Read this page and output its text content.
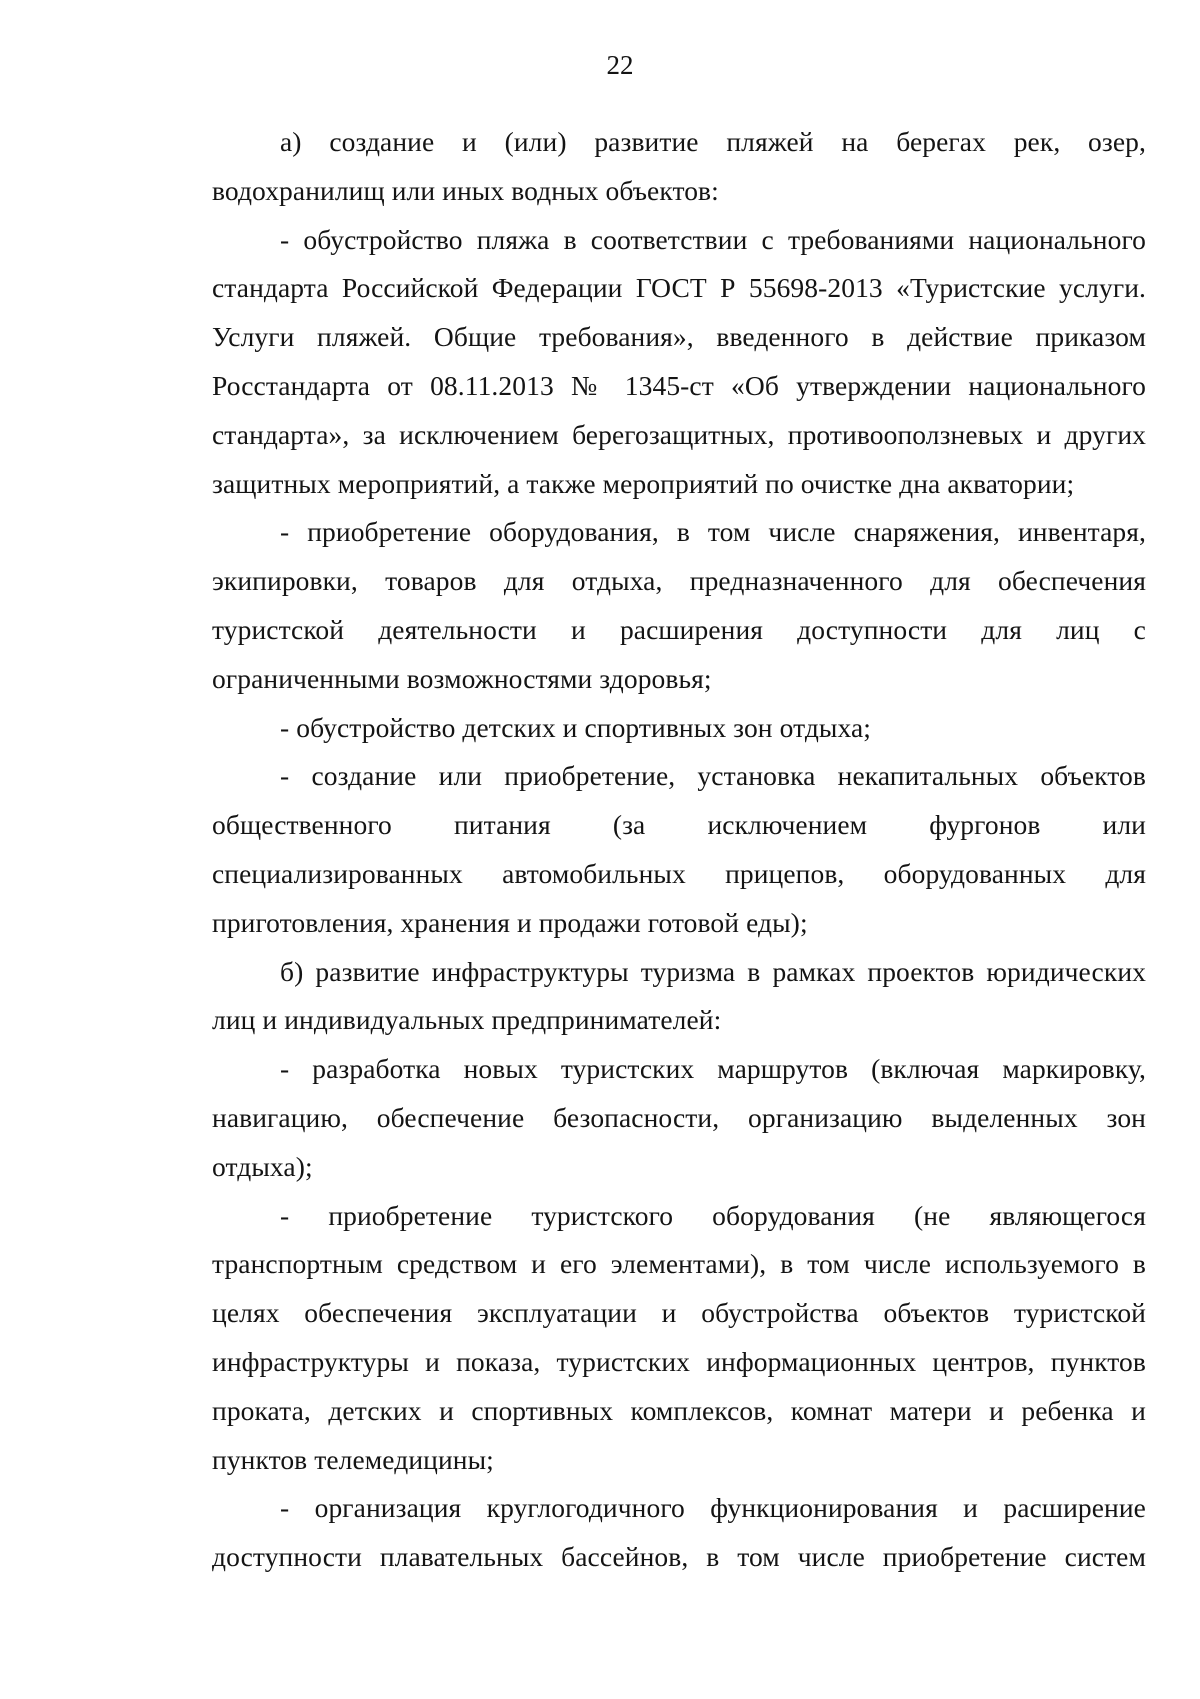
22
а) создание и (или) развитие пляжей на берегах рек, озер,
водохранилищ или иных водных объектов:
- обустройство пляжа в соответствии с требованиями национального
стандарта Российской Федерации ГОСТ Р 55698-2013 «Туристские услуги.
Услуги пляжей. Общие требования», введенного в действие приказом
Росстандарта от 08.11.2013 № 1345-ст «Об утверждении национального
стандарта», за исключением берегозащитных, противооползневых и других
защитных мероприятий, а также мероприятий по очистке дна акватории;
- приобретение оборудования, в том числе снаряжения, инвентаря,
экипировки, товаров для отдыха, предназначенного для обеспечения
туристской деятельности и расширения доступности для лиц с
ограниченными возможностями здоровья;
- обустройство детских и спортивных зон отдыха;
- создание или приобретение, установка некапитальных объектов
общественного питания (за исключением фургонов или
специализированных автомобильных прицепов, оборудованных для
приготовления, хранения и продажи готовой еды);
б) развитие инфраструктуры туризма в рамках проектов юридических
лиц и индивидуальных предпринимателей:
- разработка новых туристских маршрутов (включая маркировку,
навигацию, обеспечение безопасности, организацию выделенных зон
отдыха);
- приобретение туристского оборудования (не являющегося
транспортным средством и его элементами), в том числе используемого в
целях обеспечения эксплуатации и обустройства объектов туристской
инфраструктуры и показа, туристских информационных центров, пунктов
проката, детских и спортивных комплексов, комнат матери и ребенка и
пунктов телемедицины;
- организация круглогодичного функционирования и расширение
доступности плавательных бассейнов, в том числе приобретение систем
